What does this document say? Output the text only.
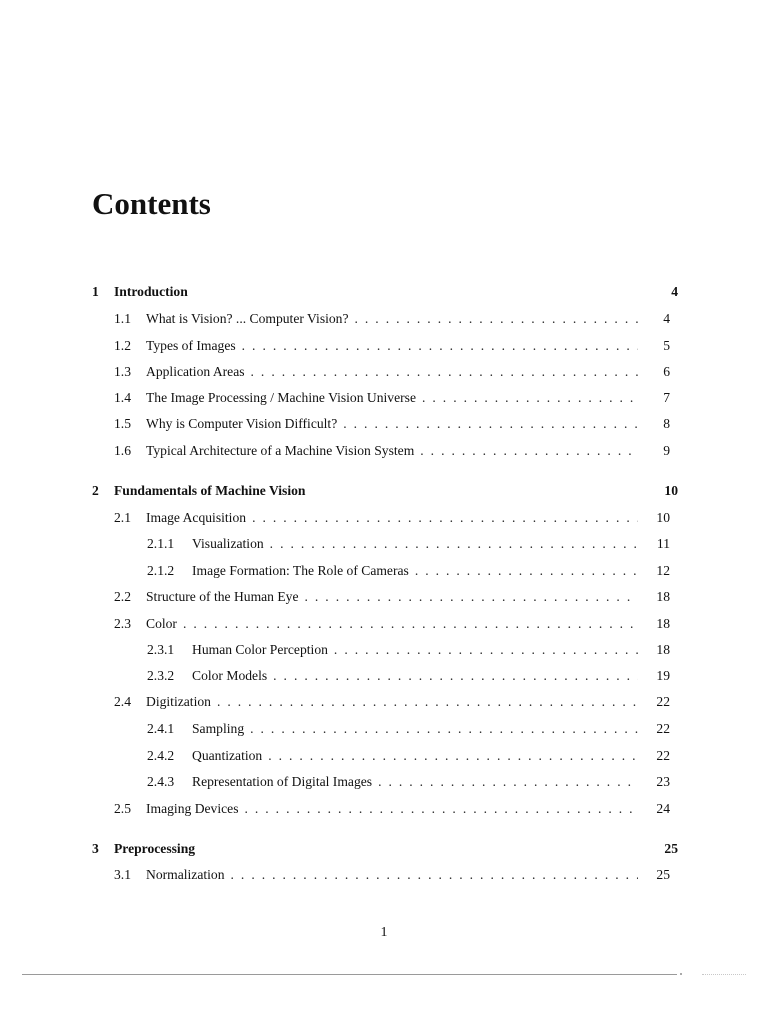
Contents
1	Introduction	4
1.1	What is Vision? ... Computer Vision? . . .	4
1.2	Types of Images . . .	5
1.3	Application Areas . . .	6
1.4	The Image Processing / Machine Vision Universe . . .	7
1.5	Why is Computer Vision Difficult? . . .	8
1.6	Typical Architecture of a Machine Vision System . . .	9
2	Fundamentals of Machine Vision	10
2.1	Image Acquisition . . .	10
2.1.1	Visualization . . .	11
2.1.2	Image Formation: The Role of Cameras . . .	12
2.2	Structure of the Human Eye . . .	18
2.3	Color . . .	18
2.3.1	Human Color Perception . . .	18
2.3.2	Color Models . . .	19
2.4	Digitization . . .	22
2.4.1	Sampling . . .	22
2.4.2	Quantization . . .	22
2.4.3	Representation of Digital Images . . .	23
2.5	Imaging Devices . . .	24
3	Preprocessing	25
3.1	Normalization . . .	25
1
